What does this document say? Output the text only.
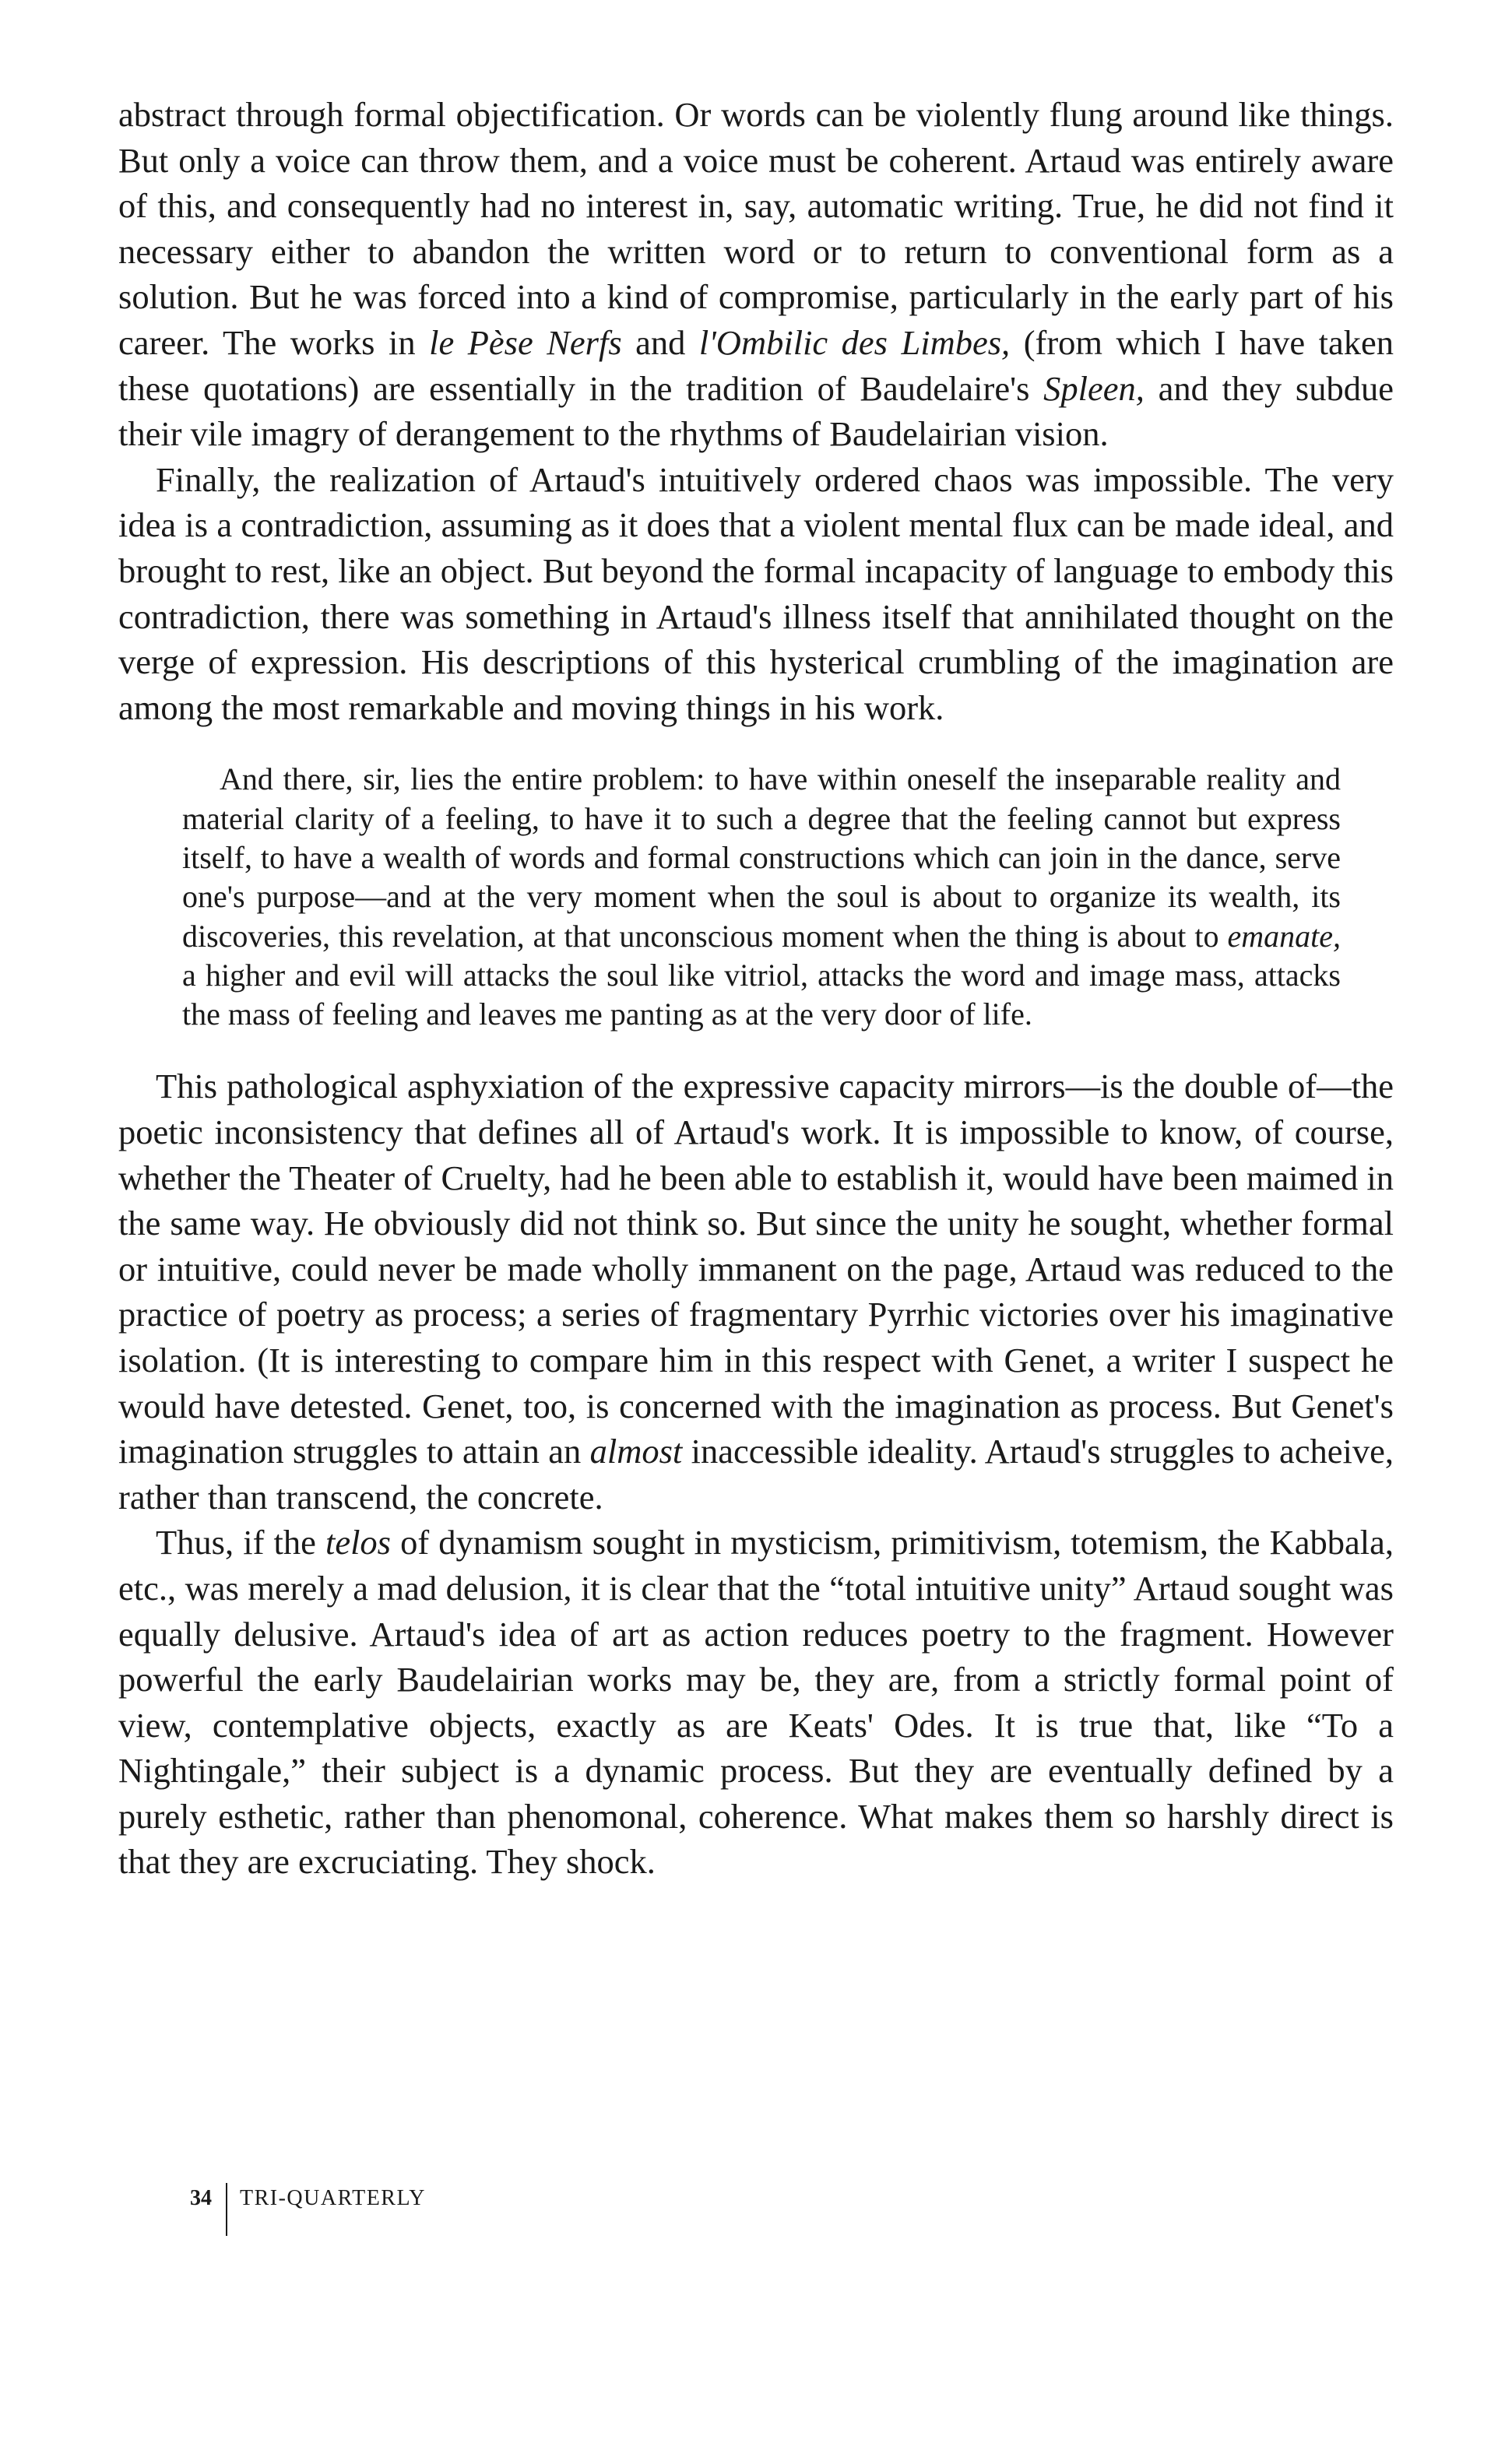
abstract through formal objectification. Or words can be violently flung around like things. But only a voice can throw them, and a voice must be coherent. Artaud was entirely aware of this, and consequently had no interest in, say, automatic writing. True, he did not find it necessary either to abandon the written word or to return to conventional form as a solution. But he was forced into a kind of compromise, particularly in the early part of his career. The works in le Pèse Nerfs and l'Ombilic des Limbes, (from which I have taken these quotations) are essentially in the tradition of Baudelaire's Spleen, and they subdue their vile imagry of derangement to the rhythms of Baudelairian vision.

Finally, the realization of Artaud's intuitively ordered chaos was impossible. The very idea is a contradiction, assuming as it does that a violent mental flux can be made ideal, and brought to rest, like an object. But beyond the formal incapacity of language to embody this contradiction, there was something in Artaud's illness itself that annihilated thought on the verge of expression. His descriptions of this hysterical crumbling of the imagination are among the most remarkable and moving things in his work.

And there, sir, lies the entire problem: to have within oneself the inseparable reality and material clarity of a feeling, to have it to such a degree that the feeling cannot but express itself, to have a wealth of words and formal constructions which can join in the dance, serve one's purpose—and at the very moment when the soul is about to organize its wealth, its discoveries, this revelation, at that unconscious moment when the thing is about to emanate, a higher and evil will attacks the soul like vitriol, attacks the word and image mass, attacks the mass of feeling and leaves me panting as at the very door of life.

This pathological asphyxiation of the expressive capacity mirrors—is the double of—the poetic inconsistency that defines all of Artaud's work. It is impossible to know, of course, whether the Theater of Cruelty, had he been able to establish it, would have been maimed in the same way. He obviously did not think so. But since the unity he sought, whether formal or intuitive, could never be made wholly immanent on the page, Artaud was reduced to the practice of poetry as process; a series of fragmentary Pyrrhic victories over his imaginative isolation. (It is interesting to compare him in this respect with Genet, a writer I suspect he would have detested. Genet, too, is concerned with the imagination as process. But Genet's imagination struggles to attain an almost inaccessible ideality. Artaud's struggles to acheive, rather than transcend, the concrete.

Thus, if the telos of dynamism sought in mysticism, primitivism, totemism, the Kabbala, etc., was merely a mad delusion, it is clear that the “total intuitive unity” Artaud sought was equally delusive. Artaud's idea of art as action reduces poetry to the fragment. However powerful the early Baudelairian works may be, they are, from a strictly formal point of view, contemplative objects, exactly as are Keats' Odes. It is true that, like “To a Nightingale,” their subject is a dynamic process. But they are eventually defined by a purely esthetic, rather than phenomonal, coherence. What makes them so harshly direct is that they are excruciating. They shock.

34	TRI-QUARTERLY
